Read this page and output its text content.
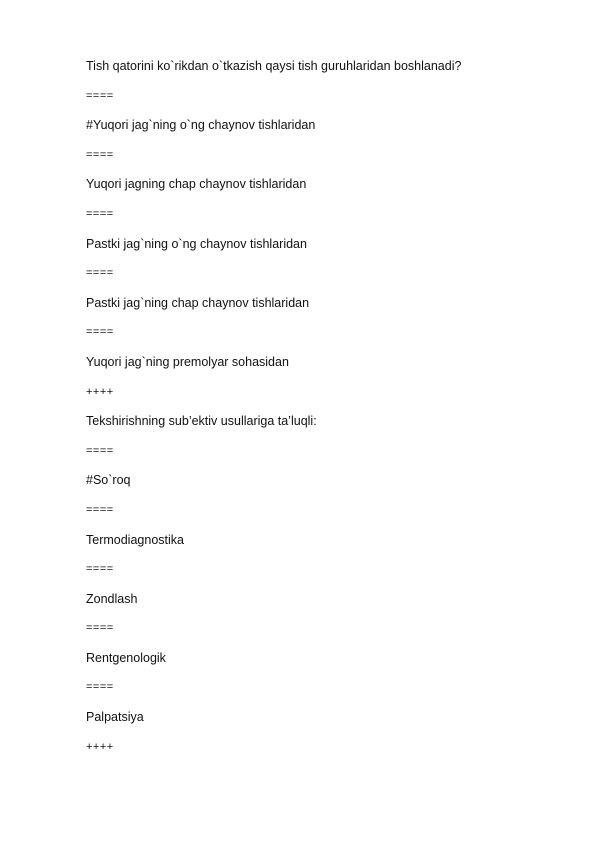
Tish qatorini ko`rikdan o`tkazish qaysi tish guruhlaridan boshlanadi?
====
#Yuqori jag`ning o`ng chaynov tishlaridan
====
Yuqori jagning chap chaynov tishlaridan
====
Pastki jag`ning o`ng chaynov tishlaridan
====
Pastki jag`ning chap chaynov tishlaridan
====
Yuqori jag`ning premolyar sohasidan
++++
Tekshirishning sub’ektiv usullariga ta’luqli:
====
#So`roq
====
Termodiagnostika
====
Zondlash
====
Rentgenologik
====
Palpatsiya
++++
